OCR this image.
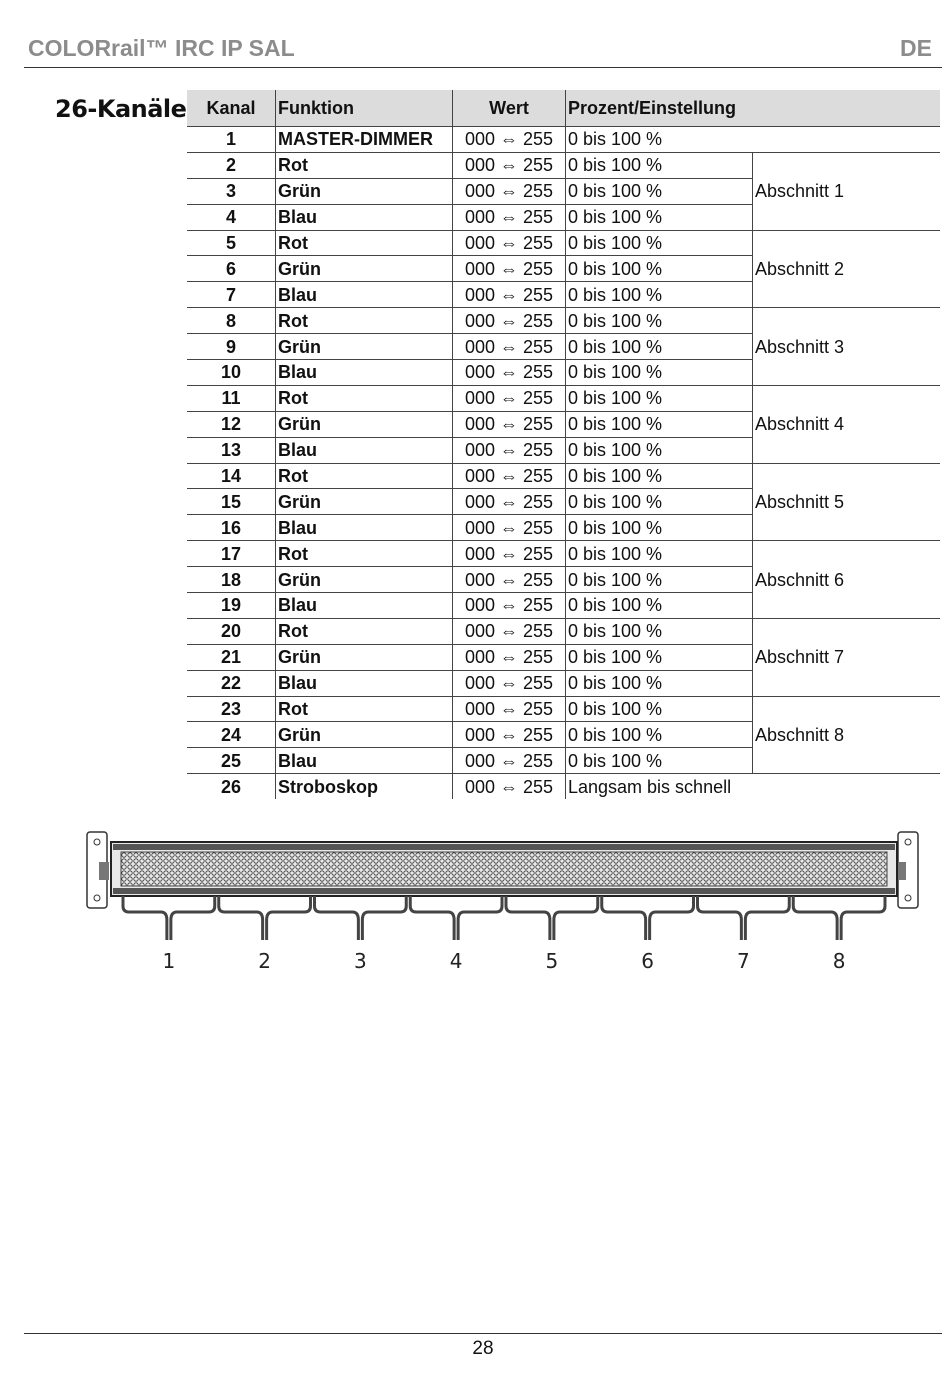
COLORrail™ IRC IP SAL	DE
26-Kanäle Kanal	Funktion	Wert	Prozent/Einstellung	
1	MASTER-DIMMER	000 ⇔ 255	0 bis 100 %	
2	Rot	000 ⇔ 255	0 bis 100 %	Abschnitt 1
3	Grün	000 ⇔ 255	0 bis 100 %	
4	Blau	000 ⇔ 255	0 bis 100 %	
5	Rot	000 ⇔ 255	0 bis 100 %	Abschnitt 2
6	Grün	000 ⇔ 255	0 bis 100 %	
7	Blau	000 ⇔ 255	0 bis 100 %	
8	Rot	000 ⇔ 255	0 bis 100 %	Abschnitt 3
9	Grün	000 ⇔ 255	0 bis 100 %	
10	Blau	000 ⇔ 255	0 bis 100 %	
11	Rot	000 ⇔ 255	0 bis 100 %	Abschnitt 4
12	Grün	000 ⇔ 255	0 bis 100 %	
13	Blau	000 ⇔ 255	0 bis 100 %	
14	Rot	000 ⇔ 255	0 bis 100 %	Abschnitt 5
15	Grün	000 ⇔ 255	0 bis 100 %	
16	Blau	000 ⇔ 255	0 bis 100 %	
17	Rot	000 ⇔ 255	0 bis 100 %	Abschnitt 6
18	Grün	000 ⇔ 255	0 bis 100 %	
19	Blau	000 ⇔ 255	0 bis 100 %	
20	Rot	000 ⇔ 255	0 bis 100 %	Abschnitt 7
21	Grün	000 ⇔ 255	0 bis 100 %	
22	Blau	000 ⇔ 255	0 bis 100 %	
23	Rot	000 ⇔ 255	0 bis 100 %	Abschnitt 8
24	Grün	000 ⇔ 255	0 bis 100 %	
25	Blau	000 ⇔ 255	0 bis 100 %	
26	Stroboskop	000 ⇔ 255	Langsam bis schnell	
1	2	3	4	5	6	7	8
28
